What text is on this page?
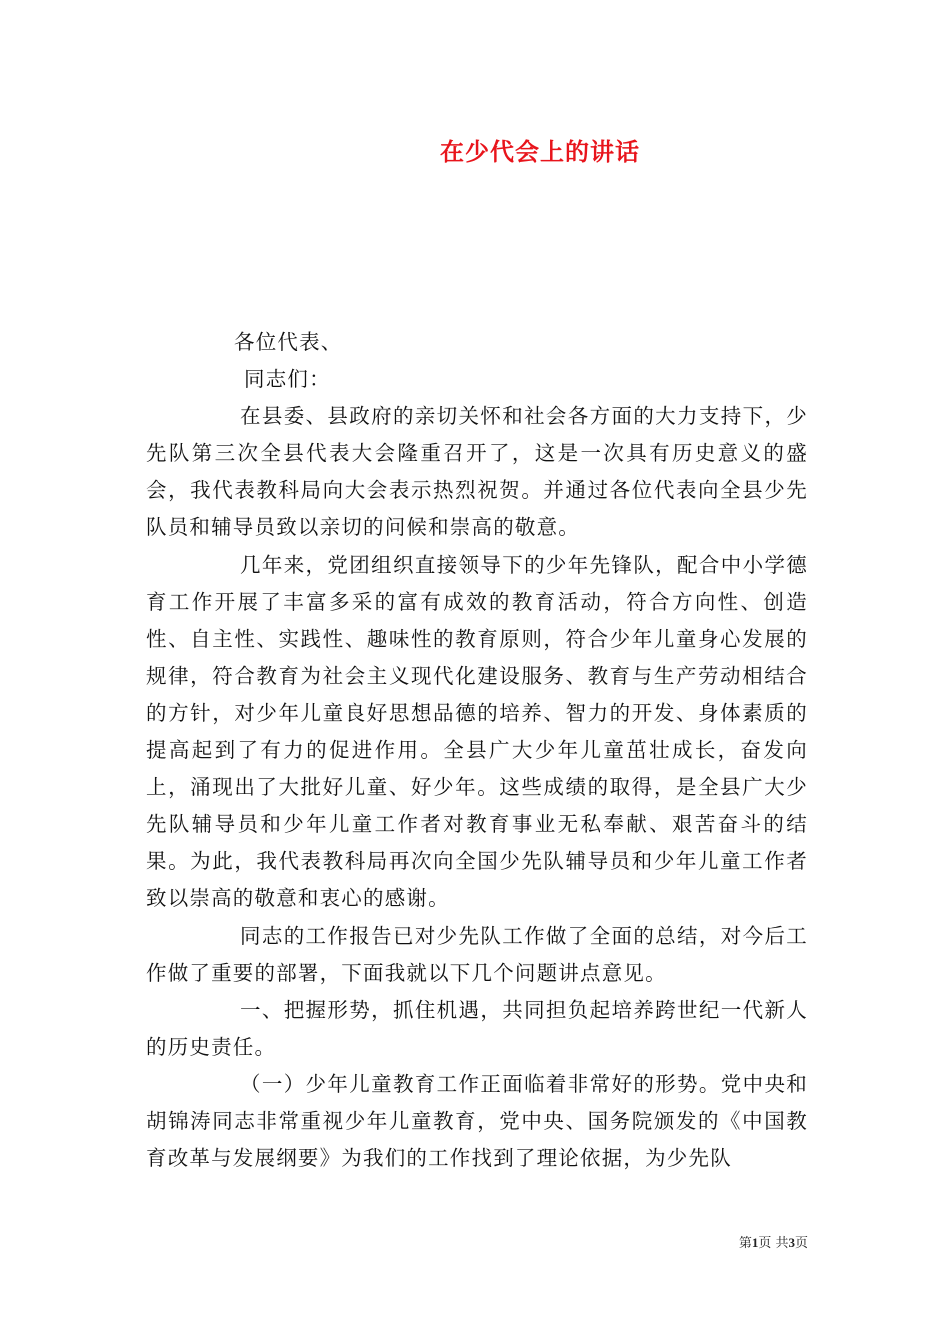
在少代会上的讲话

各位代表、

同志们：

在县委、县政府的亲切关怀和社会各方面的大力支持下，少先队第三次全县代表大会隆重召开了，这是一次具有历史意义的盛会，我代表教科局向大会表示热烈祝贺。并通过各位代表向全县少先队员和辅导员致以亲切的问候和崇高的敬意。

几年来，党团组织直接领导下的少年先锋队，配合中小学德育工作开展了丰富多采的富有成效的教育活动，符合方向性、创造性、自主性、实践性、趣味性的教育原则，符合少年儿童身心发展的规律，符合教育为社会主义现代化建设服务、教育与生产劳动相结合的方针，对少年儿童良好思想品德的培养、智力的开发、身体素质的提高起到了有力的促进作用。全县广大少年儿童茁壮成长，奋发向上，涌现出了大批好儿童、好少年。这些成绩的取得，是全县广大少先队辅导员和少年儿童工作者对教育事业无私奉献、艰苦奋斗的结果。为此，我代表教科局再次向全国少先队辅导员和少年儿童工作者致以崇高的敬意和衷心的感谢。

同志的工作报告已对少先队工作做了全面的总结，对今后工作做了重要的部署，下面我就以下几个问题讲点意见。

一、把握形势，抓住机遇，共同担负起培养跨世纪一代新人的历史责任。

（一）少年儿童教育工作正面临着非常好的形势。党中央和胡锦涛同志非常重视少年儿童教育，党中央、国务院颁发的《中国教育改革与发展纲要》为我们的工作找到了理论依据，为少先队

第1页 共3页
